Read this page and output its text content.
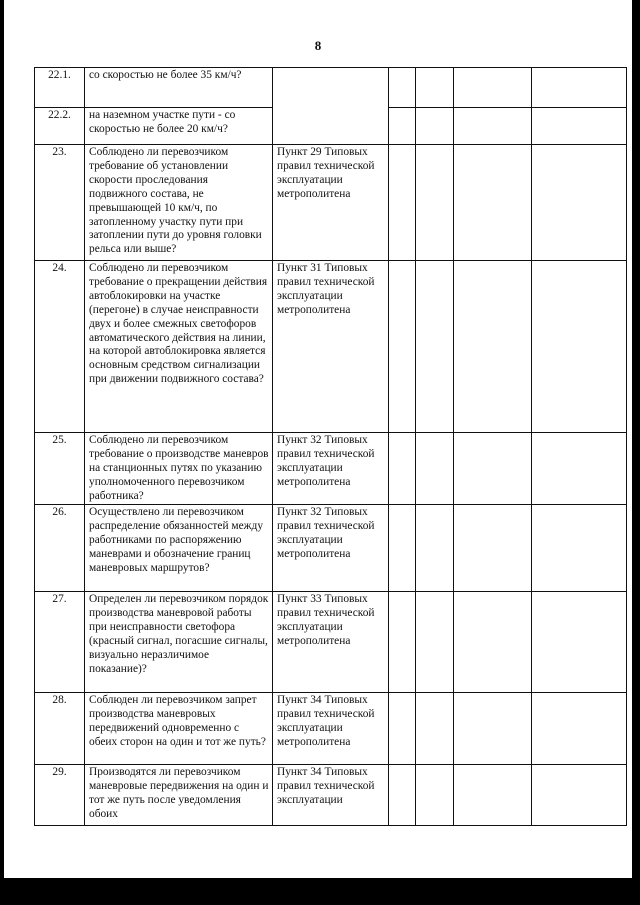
8
22.1.	со скоростью не более 35 км/ч?					
22.2.	на наземном участке пути - со скоростью не более 20 км/ч?					
23.	Соблюдено ли перевозчиком требование об установлении скорости проследования подвижного состава, не превышающей 10 км/ч, по затопленному участку пути при затоплении пути до уровня головки рельса или выше?	Пункт 29 Типовых правил технической эксплуатации метрополитена				
24.	Соблюдено ли перевозчиком требование о прекращении действия автоблокировки на участке (перегоне) в случае неисправности двух и более смежных светофоров автоматического действия на линии, на которой автоблокировка является основным средством сигнализации при движении подвижного состава?	Пункт 31 Типовых правил технической эксплуатации метрополитена				
25.	Соблюдено ли перевозчиком требование о производстве маневров на станционных путях по указанию уполномоченного перевозчиком работника?	Пункт 32 Типовых правил технической эксплуатации метрополитена				
26.	Осуществлено ли перевозчиком распределение обязанностей между работниками по распоряжению маневрами и обозначение границ маневровых маршрутов?	Пункт 32 Типовых правил технической эксплуатации метрополитена				
27.	Определен ли перевозчиком порядок производства маневровой работы при неисправности светофора (красный сигнал, погасшие сигналы, визуально неразличимое показание)?	Пункт 33 Типовых правил технической эксплуатации метрополитена				
28.	Соблюден ли перевозчиком запрет производства маневровых передвижений одновременно с обеих сторон на один и тот же путь?	Пункт 34 Типовых правил технической эксплуатации метрополитена				
29.	Производятся ли перевозчиком маневровые передвижения на один и тот же путь после уведомления обоих	Пункт 34 Типовых правил технической эксплуатации				
